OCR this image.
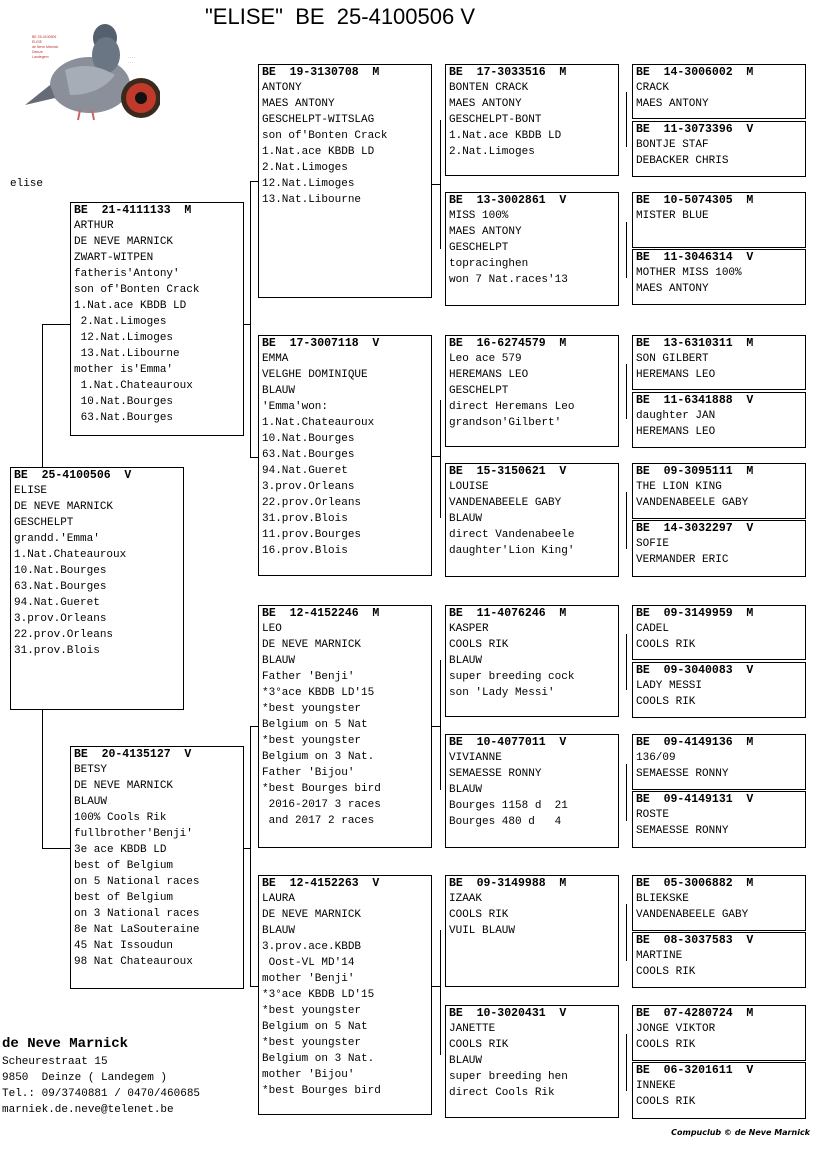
"ELISE"  BE  25-4100506 V
BE 25-4100506
ELISE
de Neve Marnick
Deinze
Landegem	····
···
elise
BE  25-4100506  V
ELISE
DE NEVE MARNICK
GESCHELPT
grandd.'Emma'
1.Nat.Chateauroux
10.Nat.Bourges
63.Nat.Bourges
94.Nat.Gueret
3.prov.Orleans
22.prov.Orleans
31.prov.Blois
BE  21-4111133  M
ARTHUR
DE NEVE MARNICK
ZWART-WITPEN
fatheris'Antony'
son of'Bonten Crack
1.Nat.ace KBDB LD
2.Nat.Limoges
12.Nat.Limoges
13.Nat.Libourne
mother is'Emma'
1.Nat.Chateauroux
10.Nat.Bourges
63.Nat.Bourges
BE  20-4135127  V
BETSY
DE NEVE MARNICK
BLAUW
100% Cools Rik
fullbrother'Benji'
3e ace KBDB LD
best of Belgium
on 5 National races
best of Belgium
on 3 National races
8e Nat LaSouteraine
45 Nat Issoudun
98 Nat Chateauroux
BE  19-3130708  M
ANTONY
MAES ANTONY
GESCHELPT-WITSLAG
son of'Bonten Crack
1.Nat.ace KBDB LD
2.Nat.Limoges
12.Nat.Limoges
13.Nat.Libourne
BE  17-3007118  V
EMMA
VELGHE DOMINIQUE
BLAUW
'Emma'won:
1.Nat.Chateauroux
10.Nat.Bourges
63.Nat.Bourges
94.Nat.Gueret
3.prov.Orleans
22.prov.Orleans
31.prov.Blois
11.prov.Bourges
16.prov.Blois
BE  12-4152246  M
LEO
DE NEVE MARNICK
BLAUW
Father 'Benji'
*3°ace KBDB LD'15
*best youngster
Belgium on 5 Nat
*best youngster
Belgium on 3 Nat.
Father 'Bijou'
*best Bourges bird
2016-2017 3 races
and 2017 2 races
BE  12-4152263  V
LAURA
DE NEVE MARNICK
BLAUW
3.prov.ace.KBDB
Oost-VL MD'14
mother 'Benji'
*3°ace KBDB LD'15
*best youngster
Belgium on 5 Nat
*best youngster
Belgium on 3 Nat.
mother 'Bijou'
*best Bourges bird
BE  17-3033516  M
BONTEN CRACK
MAES ANTONY
GESCHELPT-BONT
1.Nat.ace KBDB LD
2.Nat.Limoges
BE  13-3002861  V
MISS 100%
MAES ANTONY
GESCHELPT
topracinghen
won 7 Nat.races'13
BE  16-6274579  M
Leo ace 579
HEREMANS LEO
GESCHELPT
direct Heremans Leo
grandson'Gilbert'
BE  15-3150621  V
LOUISE
VANDENABEELE GABY
BLAUW
direct Vandenabeele
daughter'Lion King'
BE  11-4076246  M
KASPER
COOLS RIK
BLAUW
super breeding cock
son 'Lady Messi'
BE  10-4077011  V
VIVIANNE
SEMAESSE RONNY
BLAUW
Bourges 1158 d  21
Bourges 480 d   4
BE  09-3149988  M
IZAAK
COOLS RIK
VUIL BLAUW
BE  10-3020431  V
JANETTE
COOLS RIK
BLAUW
super breeding hen
direct Cools Rik
BE  14-3006002  M
CRACK
MAES ANTONY
BE  11-3073396  V
BONTJE STAF
DEBACKER CHRIS
BE  10-5074305  M
MISTER BLUE
BE  11-3046314  V
MOTHER MISS 100%
MAES ANTONY
BE  13-6310311  M
SON GILBERT
HEREMANS LEO
BE  11-6341888  V
daughter JAN
HEREMANS LEO
BE  09-3095111  M
THE LION KING
VANDENABEELE GABY
BE  14-3032297  V
SOFIE
VERMANDER ERIC
BE  09-3149959  M
CADEL
COOLS RIK
BE  09-3040083  V
LADY MESSI
COOLS RIK
BE  09-4149136  M
136/09
SEMAESSE RONNY
BE  09-4149131  V
ROSTE
SEMAESSE RONNY
BE  05-3006882  M
BLIEKSKE
VANDENABEELE GABY
BE  08-3037583  V
MARTINE
COOLS RIK
BE  07-4280724  M
JONGE VIKTOR
COOLS RIK
BE  06-3201611  V
INNEKE
COOLS RIK
de Neve Marnick
Scheurestraat 15
9850  Deinze ( Landegem )
Tel.: 09/3740881 / 0470/460685
marniek.de.neve@telenet.be
Compuclub © de Neve Marnick
